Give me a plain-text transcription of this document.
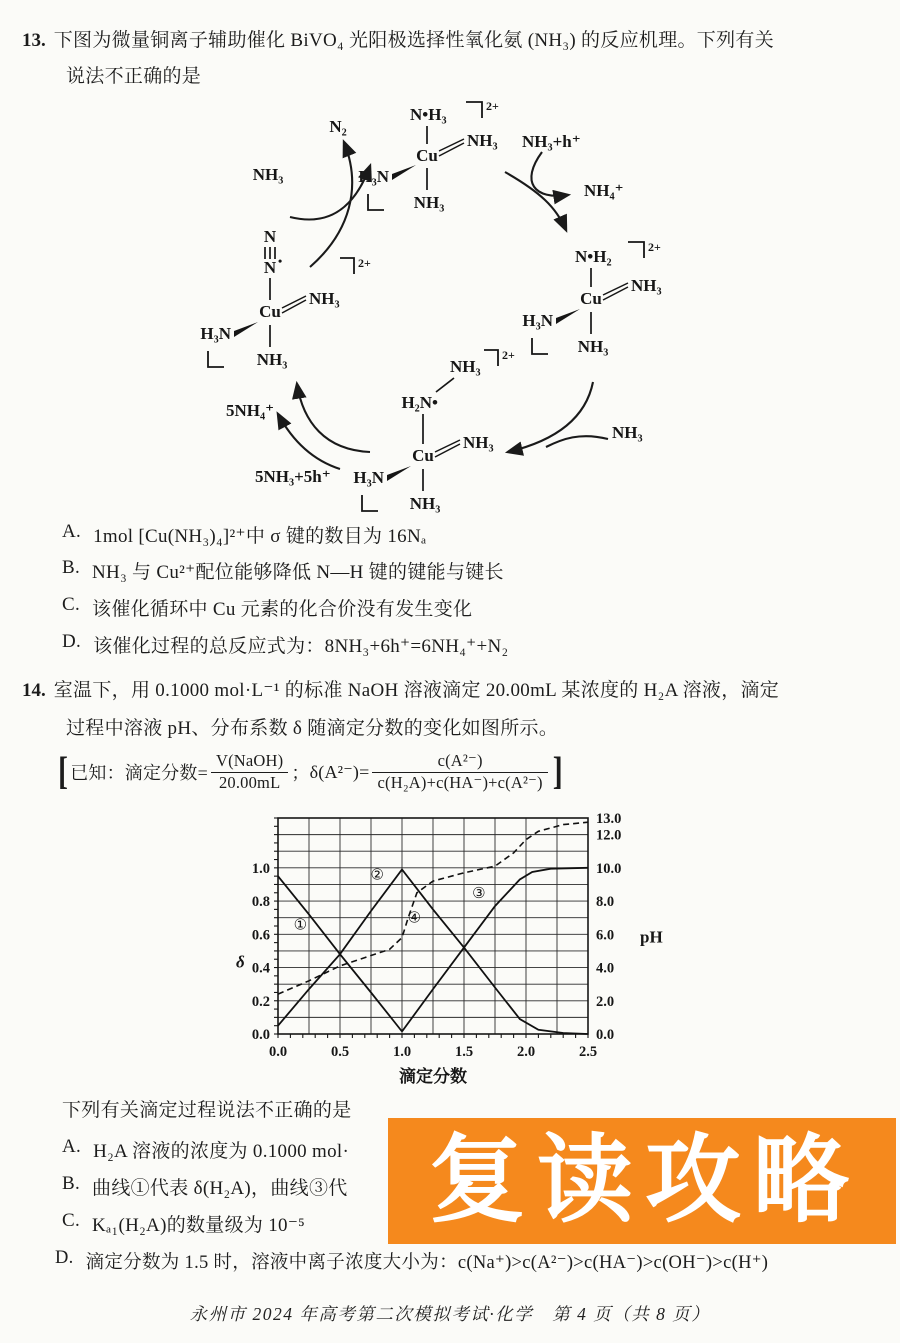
13. 下图为微量铜离子辅助催化 BiVO₄ 光阳极选择性氧化氨 (NH₃) 的反应机理。下列有关
说法不正确的是
N•H₃	2+
Cu
NH₃
H₃N
NH₃
N•H₂	2+
Cu
NH₃
H₃N
NH₃
NH₃
2+
H₂N•
Cu
NH₃
H₃N
NH₃
N
N •
Cu
2+
NH₃
H₃N
NH₃
N₂
NH₃
NH₃+h⁺
NH₄⁺
NH₃
5NH₄⁺
5NH₃+5h⁺
A. 1mol [Cu(NH₃)₄]²⁺中 σ 键的数目为 16Nₐ
B. NH₃ 与 Cu²⁺配位能够降低 N—H 键的键能与键长
C. 该催化循环中 Cu 元素的化合价没有发生变化
D. 该催化过程的总反应式为：8NH₃+6h⁺=6NH₄⁺+N₂
14. 室温下，用 0.1000 mol·L⁻¹ 的标准 NaOH 溶液滴定 20.00mL 某浓度的 H₂A 溶液，滴定
过程中溶液 pH、分布系数 δ 随滴定分数的变化如图所示。
[ 已知：滴定分数= $\frac{\text{V(NaOH)}}{20.00mL}$ ； $\delta(A^{2-})= \frac{\text{c(A²⁻)}}{\text{c(H₂A)+c(HA⁻)+c(A²⁻)}}$ ]
0.0	0.5	1.0	1.5	2.0	2.5
1.0
0.8
0.6
0.4
0.2
0.0
13.0
12.0
10.0
8.0
6.0
4.0
2.0
0.0
①
②
③
④
δ
pH
滴定分数
下列有关滴定过程说法不正确的是
A. H₂A 溶液的浓度为 0.1000 mol·
B. 曲线①代表 δ(H₂A)，曲线③代
C. Kₐ₁(H₂A)的数量级为 10⁻⁵
D. 滴定分数为 1.5 时，溶液中离子浓度大小为：c(Na⁺)>c(A²⁻)>c(HA⁻)>c(OH⁻)>c(H⁺)
复读攻略
永州市 2024 年高考第二次模拟考试·化学　第 4 页（共 8 页）
